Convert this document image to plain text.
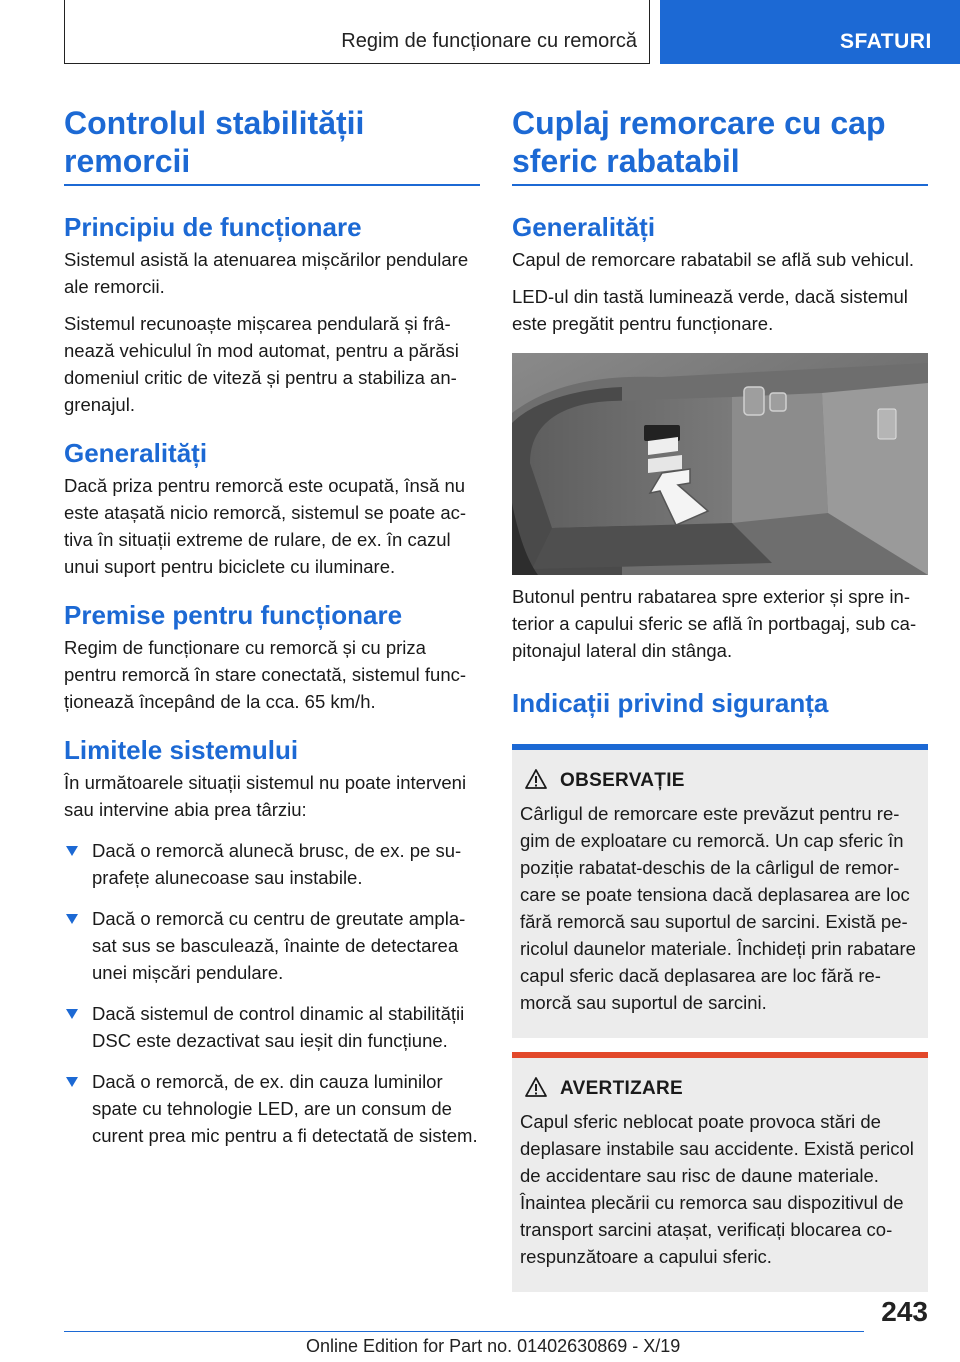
Regim de funcționare cu remorcă	SFATURI
Controlul stabilității remorcii
Principiu de funcționare

Sistemul asistă la atenuarea mișcărilor pendulare ale remorcii.

Sistemul recunoaște mișcarea pendulară și frânează vehiculul în mod automat, pentru a părăsi domeniul critic de viteză și pentru a stabiliza angrenajul.

Generalități

Dacă priza pentru remorcă este ocupată, însă nu este atașată nicio remorcă, sistemul se poate activa în situații extreme de rulare, de ex. în cazul unui suport pentru biciclete cu iluminare.

Premise pentru funcționare

Regim de funcționare cu remorcă și cu priza pentru remorcă în stare conectată, sistemul funcționează începând de la cca. 65 km/h.

Limitele sistemului

În următoarele situații sistemul nu poate interveni sau intervine abia prea târziu:

Dacă o remorcă alunecă brusc, de ex. pe suprafețe alunecoase sau instabile.
Dacă o remorcă cu centru de greutate amplasat sus se basculează, înainte de detectarea unei mișcări pendulare.
Dacă sistemul de control dinamic al stabilității DSC este dezactivat sau ieșit din funcțiune.
Dacă o remorcă, de ex. din cauza luminilor spate cu tehnologie LED, are un consum de curent prea mic pentru a fi detectată de sistem.
Cuplaj remorcare cu cap sferic rabatabil
Generalități

Capul de remorcare rabatabil se află sub vehicul.

LED-ul din tastă luminează verde, dacă sistemul este pregătit pentru funcționare.

Butonul pentru rabatarea spre exterior și spre interior a capului sferic se află în portbagaj, sub capitonajul lateral din stânga.

Indicații privind siguranța
OBSERVAȚIE

Cârligul de remorcare este prevăzut pentru regim de exploatare cu remorcă. Un cap sferic în poziție rabatat-deschis de la cârligul de remorcare se poate tensiona dacă deplasarea are loc fără remorcă sau suportul de sarcini. Există pericolul daunelor materiale. Închideți prin rabatare capul sferic dacă deplasarea are loc fără remorcă sau suportul de sarcini.

AVERTIZARE

Capul sferic neblocat poate provoca stări de deplasare instabile sau accidente. Există pericol de accidentare sau risc de daune materiale. Înaintea plecării cu remorca sau dispozitivul de transport sarcini atașat, verificați blocarea corespunzătoare a capului sferic.

243
Online Edition for Part no. 01402630869 - X/19
